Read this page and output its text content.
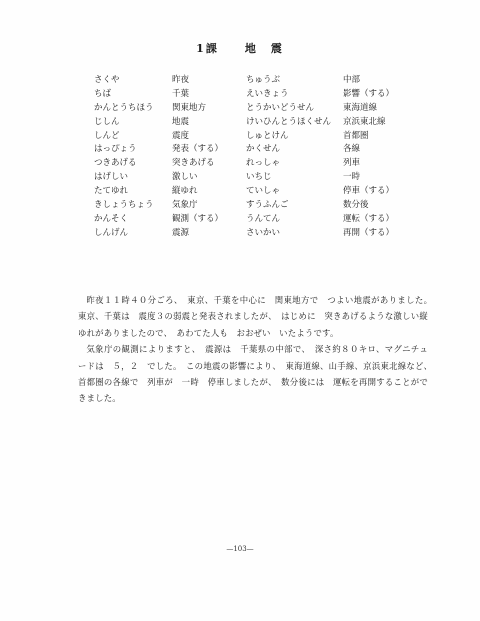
1課　　地　震
さくや	昨夜	ちゅうぶ	中部
ちば	千葉	えいきょう	影響（する）
かんとうちほう 関東地方	とうかいどうせん	東海道線
じしん	地震	けいひんとうほくせん 京浜東北線
しんど	震度	しゅとけん	首都圏
はっぴょう	発表（する）	かくせん	各線
つきあげる	突きあげる	れっしゃ	列車
はげしい	激しい	いちじ	一時
たてゆれ	縦ゆれ	ていしゃ	停車（する）
きしょうちょう 気象庁	すうふんご	数分後
かんそく	観測（する）	うんてん	運転（する）
しんげん	震源	さいかい	再開（する）

昨夜１１時４０分ごろ、　東京、千葉を中心に　関東地方で　つよい地震がありました。　東京、千葉は　震度３の弱震と発表されましたが、　はじめに　突きあげるような激しい縦ゆれがありましたので、　あわてた人も　おおぜい　いたようです。

気象庁の観測によりますと、　震源は　千葉県の中部で、　深さ約８０キロ、マグニチュードは　５，２　でした。　この地震の影響により、　東海道線、山手線、京浜東北線など、　首都圏の各線で　列車が　一時　停車しましたが、　数分後には　運転を再開することができました。

—103—
